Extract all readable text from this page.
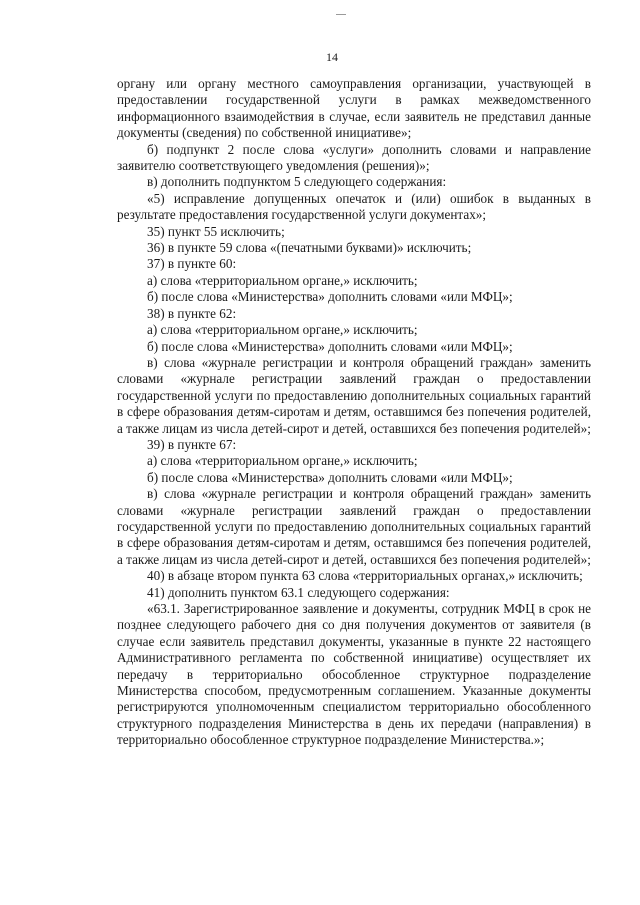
14

органу или органу местного самоуправления организации, участвующей в предоставлении государственной услуги в рамках межведомственного информационного взаимодействия в случае, если заявитель не представил данные документы (сведения) по собственной инициативе»;

б) подпункт 2 после слова «услуги» дополнить словами и направление заявителю соответствующего уведомления (решения)»;

в) дополнить подпунктом 5 следующего содержания:

«5) исправление допущенных опечаток и (или) ошибок в выданных в результате предоставления государственной услуги документах»;

35) пункт 55 исключить;

36) в пункте 59 слова «(печатными буквами)» исключить;

37) в пункте 60:

а) слова «территориальном органе,» исключить;

б) после слова «Министерства» дополнить словами «или МФЦ»;

38) в пункте 62:

а) слова «территориальном органе,» исключить;

б) после слова «Министерства» дополнить словами «или МФЦ»;

в) слова «журнале регистрации и контроля обращений граждан» заменить словами «журнале регистрации заявлений граждан о предоставлении государственной услуги по предоставлению дополнительных социальных гарантий в сфере образования детям-сиротам и детям, оставшимся без попечения родителей, а также лицам из числа детей-сирот и детей, оставшихся без попечения родителей»;

39) в пункте 67:

а) слова «территориальном органе,» исключить;

б) после слова «Министерства» дополнить словами «или МФЦ»;

в) слова «журнале регистрации и контроля обращений граждан» заменить словами «журнале регистрации заявлений граждан о предоставлении государственной услуги по предоставлению дополнительных социальных гарантий в сфере образования детям-сиротам и детям, оставшимся без попечения родителей, а также лицам из числа детей-сирот и детей, оставшихся без попечения родителей»;

40) в абзаце втором пункта 63 слова «территориальных органах,» исключить;

41) дополнить пунктом 63.1 следующего содержания:

«63.1. Зарегистрированное заявление и документы, сотрудник МФЦ в срок не позднее следующего рабочего дня со дня получения документов от заявителя (в случае если заявитель представил документы, указанные в пункте 22 настоящего Административного регламента по собственной инициативе) осуществляет их передачу в территориально обособленное структурное подразделение Министерства способом, предусмотренным соглашением. Указанные документы регистрируются уполномоченным специалистом территориально обособленного структурного подразделения Министерства в день их передачи (направления) в территориально обособленное структурное подразделение Министерства.»;
